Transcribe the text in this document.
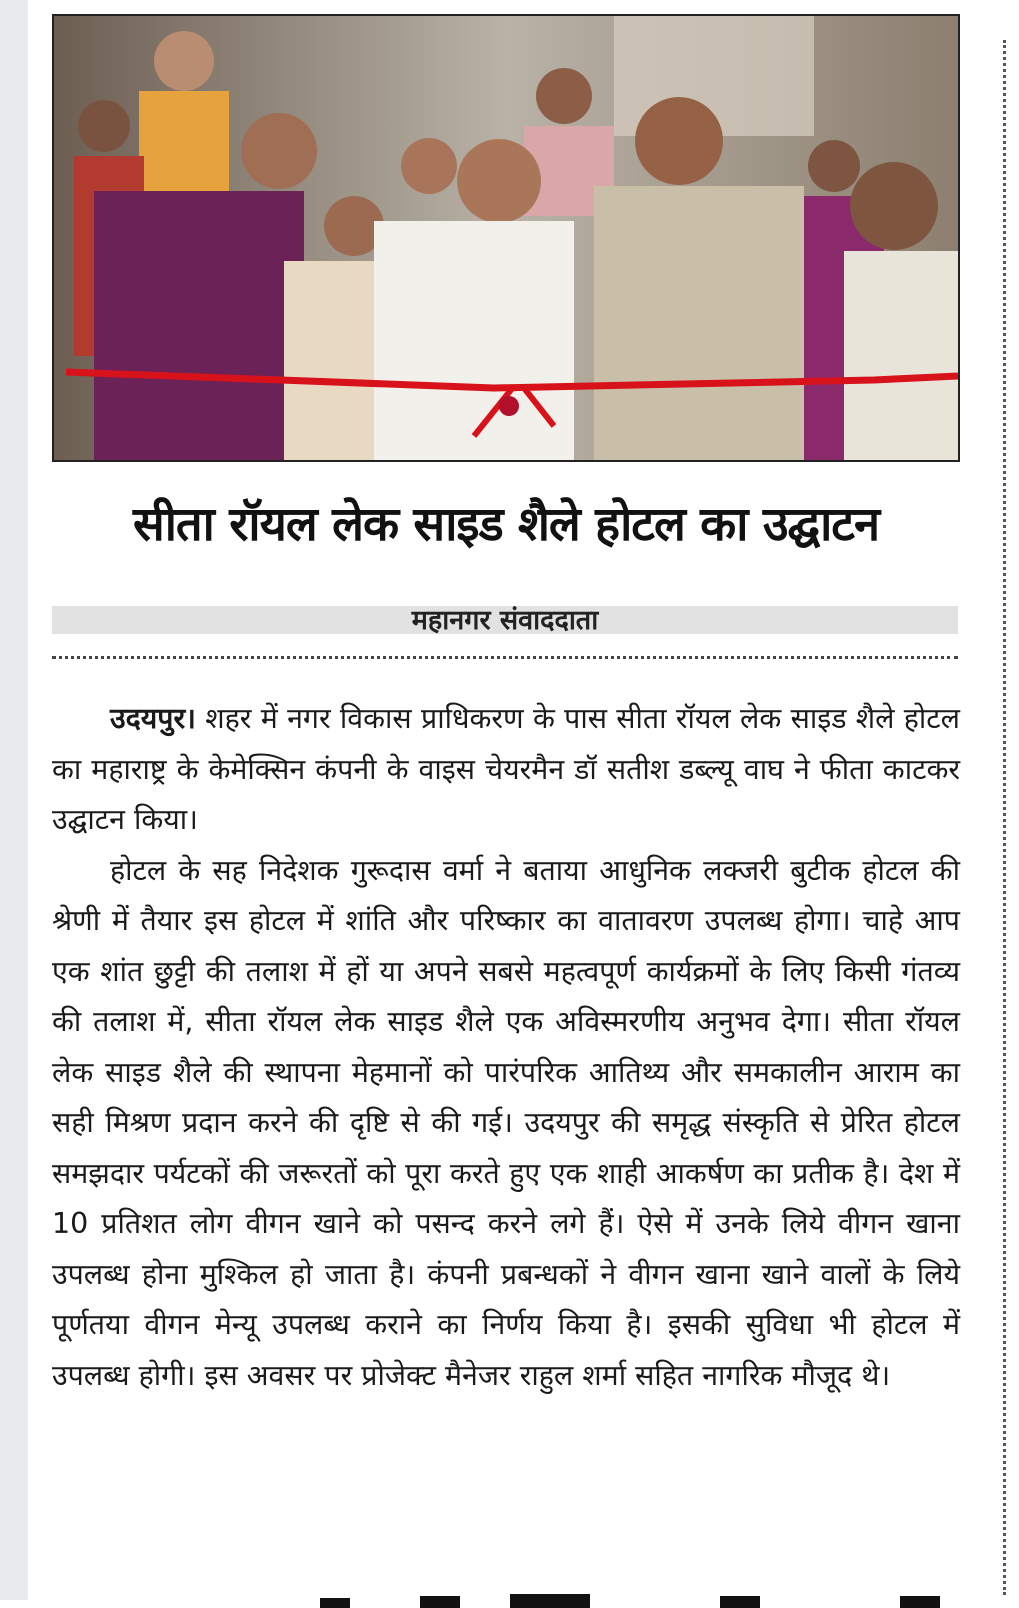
सीता रॉयल लेक साइड शैले होटल का उद्घाटन
महानगर संवाददाता

उदयपुर। शहर में नगर विकास प्राधिकरण के पास सीता रॉयल लेक साइड शैले होटल का महाराष्ट्र के केमेक्सिन कंपनी के वाइस चेयरमैन डॉ सतीश डब्ल्यू वाघ ने फीता काटकर उद्घाटन किया।

होटल के सह निदेशक गुरूदास वर्मा ने बताया आधुनिक लक्जरी बुटीक होटल की श्रेणी में तैयार इस होटल में शांति और परिष्कार का वातावरण उपलब्ध होगा। चाहे आप एक शांत छुट्टी की तलाश में हों या अपने सबसे महत्वपूर्ण कार्यक्रमों के लिए किसी गंतव्य की तलाश में, सीता रॉयल लेक साइड शैले एक अविस्मरणीय अनुभव देगा। सीता रॉयल लेक साइड शैले की स्थापना मेहमानों को पारंपरिक आतिथ्य और समकालीन आराम का सही मिश्रण प्रदान करने की दृष्टि से की गई। उदयपुर की समृद्ध संस्कृति से प्रेरित होटल समझदार पर्यटकों की जरूरतों को पूरा करते हुए एक शाही आकर्षण का प्रतीक है। देश में 10 प्रतिशत लोग वीगन खाने को पसन्द करने लगे हैं। ऐसे में उनके लिये वीगन खाना उपलब्ध होना मुश्किल हो जाता है। कंपनी प्रबन्धकों ने वीगन खाना खाने वालों के लिये पूर्णतया वीगन मेन्यू उपलब्ध कराने का निर्णय किया है। इसकी सुविधा भी होटल में उपलब्ध होगी। इस अवसर पर प्रोजेक्ट मैनेजर राहुल शर्मा सहित नागरिक मौजूद थे।
